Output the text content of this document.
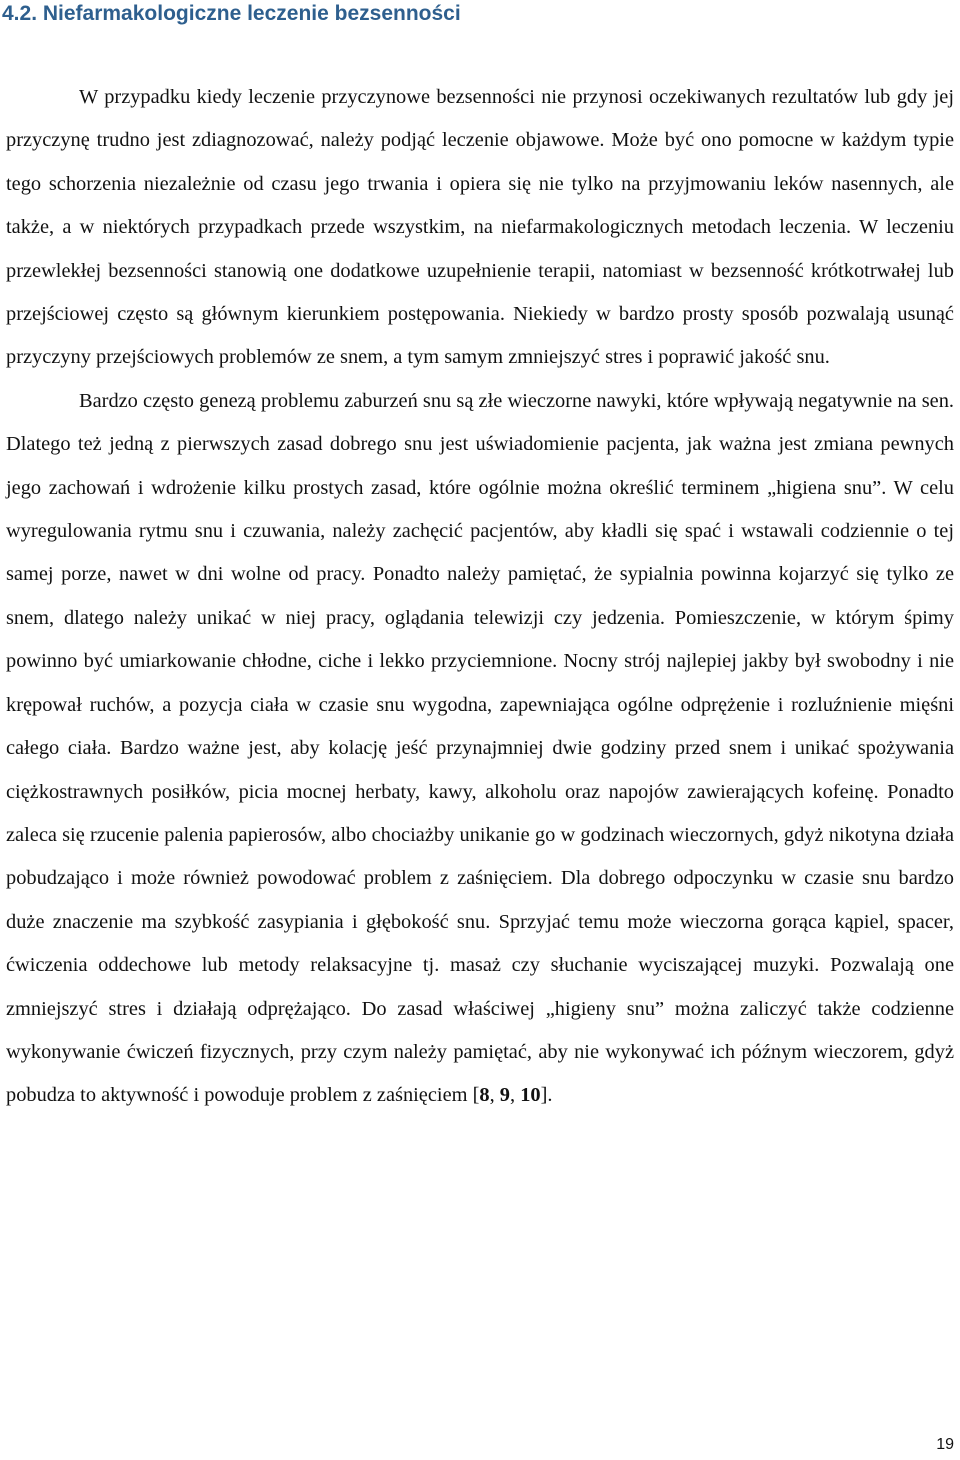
4.2. Niefarmakologiczne leczenie bezsenności

W przypadku kiedy leczenie przyczynowe bezsenności nie przynosi oczekiwanych rezultatów lub gdy jej przyczynę trudno jest zdiagnozować, należy podjąć leczenie objawowe. Może być ono pomocne w każdym typie tego schorzenia niezależnie od czasu jego trwania i opiera się nie tylko na przyjmowaniu leków nasennych, ale także, a w niektórych przypadkach przede wszystkim, na niefarmakologicznych metodach leczenia. W leczeniu przewlekłej bezsenności stanowią one dodatkowe uzupełnienie terapii, natomiast w bezsenność krótkotrwałej lub przejściowej często są głównym kierunkiem postępowania. Niekiedy w bardzo prosty sposób pozwalają usunąć przyczyny przejściowych problemów ze snem, a tym samym zmniejszyć stres i poprawić jakość snu.

Bardzo często genezą problemu zaburzeń snu są złe wieczorne nawyki, które wpływają negatywnie na sen. Dlatego też jedną z pierwszych zasad dobrego snu jest uświadomienie pacjenta, jak ważna jest zmiana pewnych jego zachowań i wdrożenie kilku prostych zasad, które ogólnie można określić terminem „higiena snu”. W celu wyregulowania rytmu snu i czuwania, należy zachęcić pacjentów, aby kładli się spać i wstawali codziennie o tej samej porze, nawet w dni wolne od pracy. Ponadto należy pamiętać, że sypialnia powinna kojarzyć się tylko ze snem, dlatego należy unikać w niej pracy, oglądania telewizji czy jedzenia. Pomieszczenie, w którym śpimy powinno być umiarkowanie chłodne, ciche i lekko przyciemnione. Nocny strój najlepiej jakby był swobodny i nie krępował ruchów, a pozycja ciała w czasie snu wygodna, zapewniająca ogólne odprężenie i rozluźnienie mięśni całego ciała. Bardzo ważne jest, aby kolację jeść przynajmniej dwie godziny przed snem i unikać spożywania ciężkostrawnych posiłków, picia mocnej herbaty, kawy, alkoholu oraz napojów zawierających kofeinę. Ponadto zaleca się rzucenie palenia papierosów, albo chociażby unikanie go w godzinach wieczornych, gdyż nikotyna działa pobudzająco i może również powodować problem z zaśnięciem. Dla dobrego odpoczynku w czasie snu bardzo duże znaczenie ma szybkość zasypiania i głębokość snu. Sprzyjać temu może wieczorna gorąca kąpiel, spacer, ćwiczenia oddechowe lub metody relaksacyjne tj. masaż czy słuchanie wyciszającej muzyki. Pozwalają one zmniejszyć stres i działają odprężająco. Do zasad właściwej „higieny snu” można zaliczyć także codzienne wykonywanie ćwiczeń fizycznych, przy czym należy pamiętać, aby nie wykonywać ich późnym wieczorem, gdyż pobudza to aktywność i powoduje problem z zaśnięciem [8, 9, 10].

19
